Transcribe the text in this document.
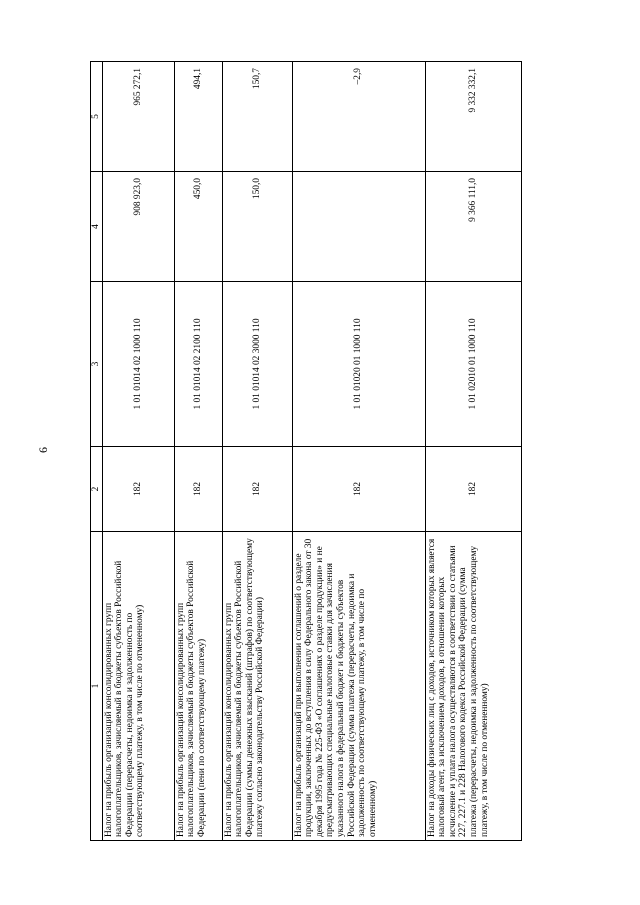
6
1	2	3	4	5
Налог на прибыль организаций консолидированных групп налогоплательщиков, зачисляемый в бюджеты субъектов Российской Федерации (перерасчеты, недоимка и задолженность по соответствующему платежу, в том числе по отмененному)	182	1 01 01014 02 1000 110	908 923,0	965 272,1
Налог на прибыль организаций консолидированных групп налогоплательщиков, зачисляемый в бюджеты субъектов Российской Федерации (пени по соответствующему платежу)	182	1 01 01014 02 2100 110	450,0	494,1
Налог на прибыль организаций консолидированных групп налогоплательщиков, зачисляемый в бюджеты субъектов Российской Федерации (суммы денежных взысканий (штрафов) по соответствующему платежу согласно законодательству Российской Федерации)	182	1 01 01014 02 3000 110	150,0	150,7
Налог на прибыль организаций при выполнении соглашений о разделе продукции, заключенных до вступления в силу Федерального закона от 30 декабря 1995 года № 225-ФЗ «О соглашениях о разделе продукции» и не предусматривающих специальные налоговые ставки для зачисления указанного налога в федеральный бюджет и бюджеты субъектов Российской Федерации (сумма платежа (перерасчеты, недоимка и задолженность по соответствующему платежу, в том числе по отмененному)	182	1 01 01020 01 1000 110		–2,9
Налог на доходы физических лиц с доходов, источником которых является налоговый агент, за исключением доходов, в отношении которых исчисление и уплата налога осуществляются в соответствии со статьями 227, 227.1 и 228 Налогового кодекса Российской Федерации (сумма платежа (перерасчеты, недоимка и задолженность по соответствующему платежу, в том числе по отмененному)	182	1 01 02010 01 1000 110	9 366 111,0	9 332 332,1
